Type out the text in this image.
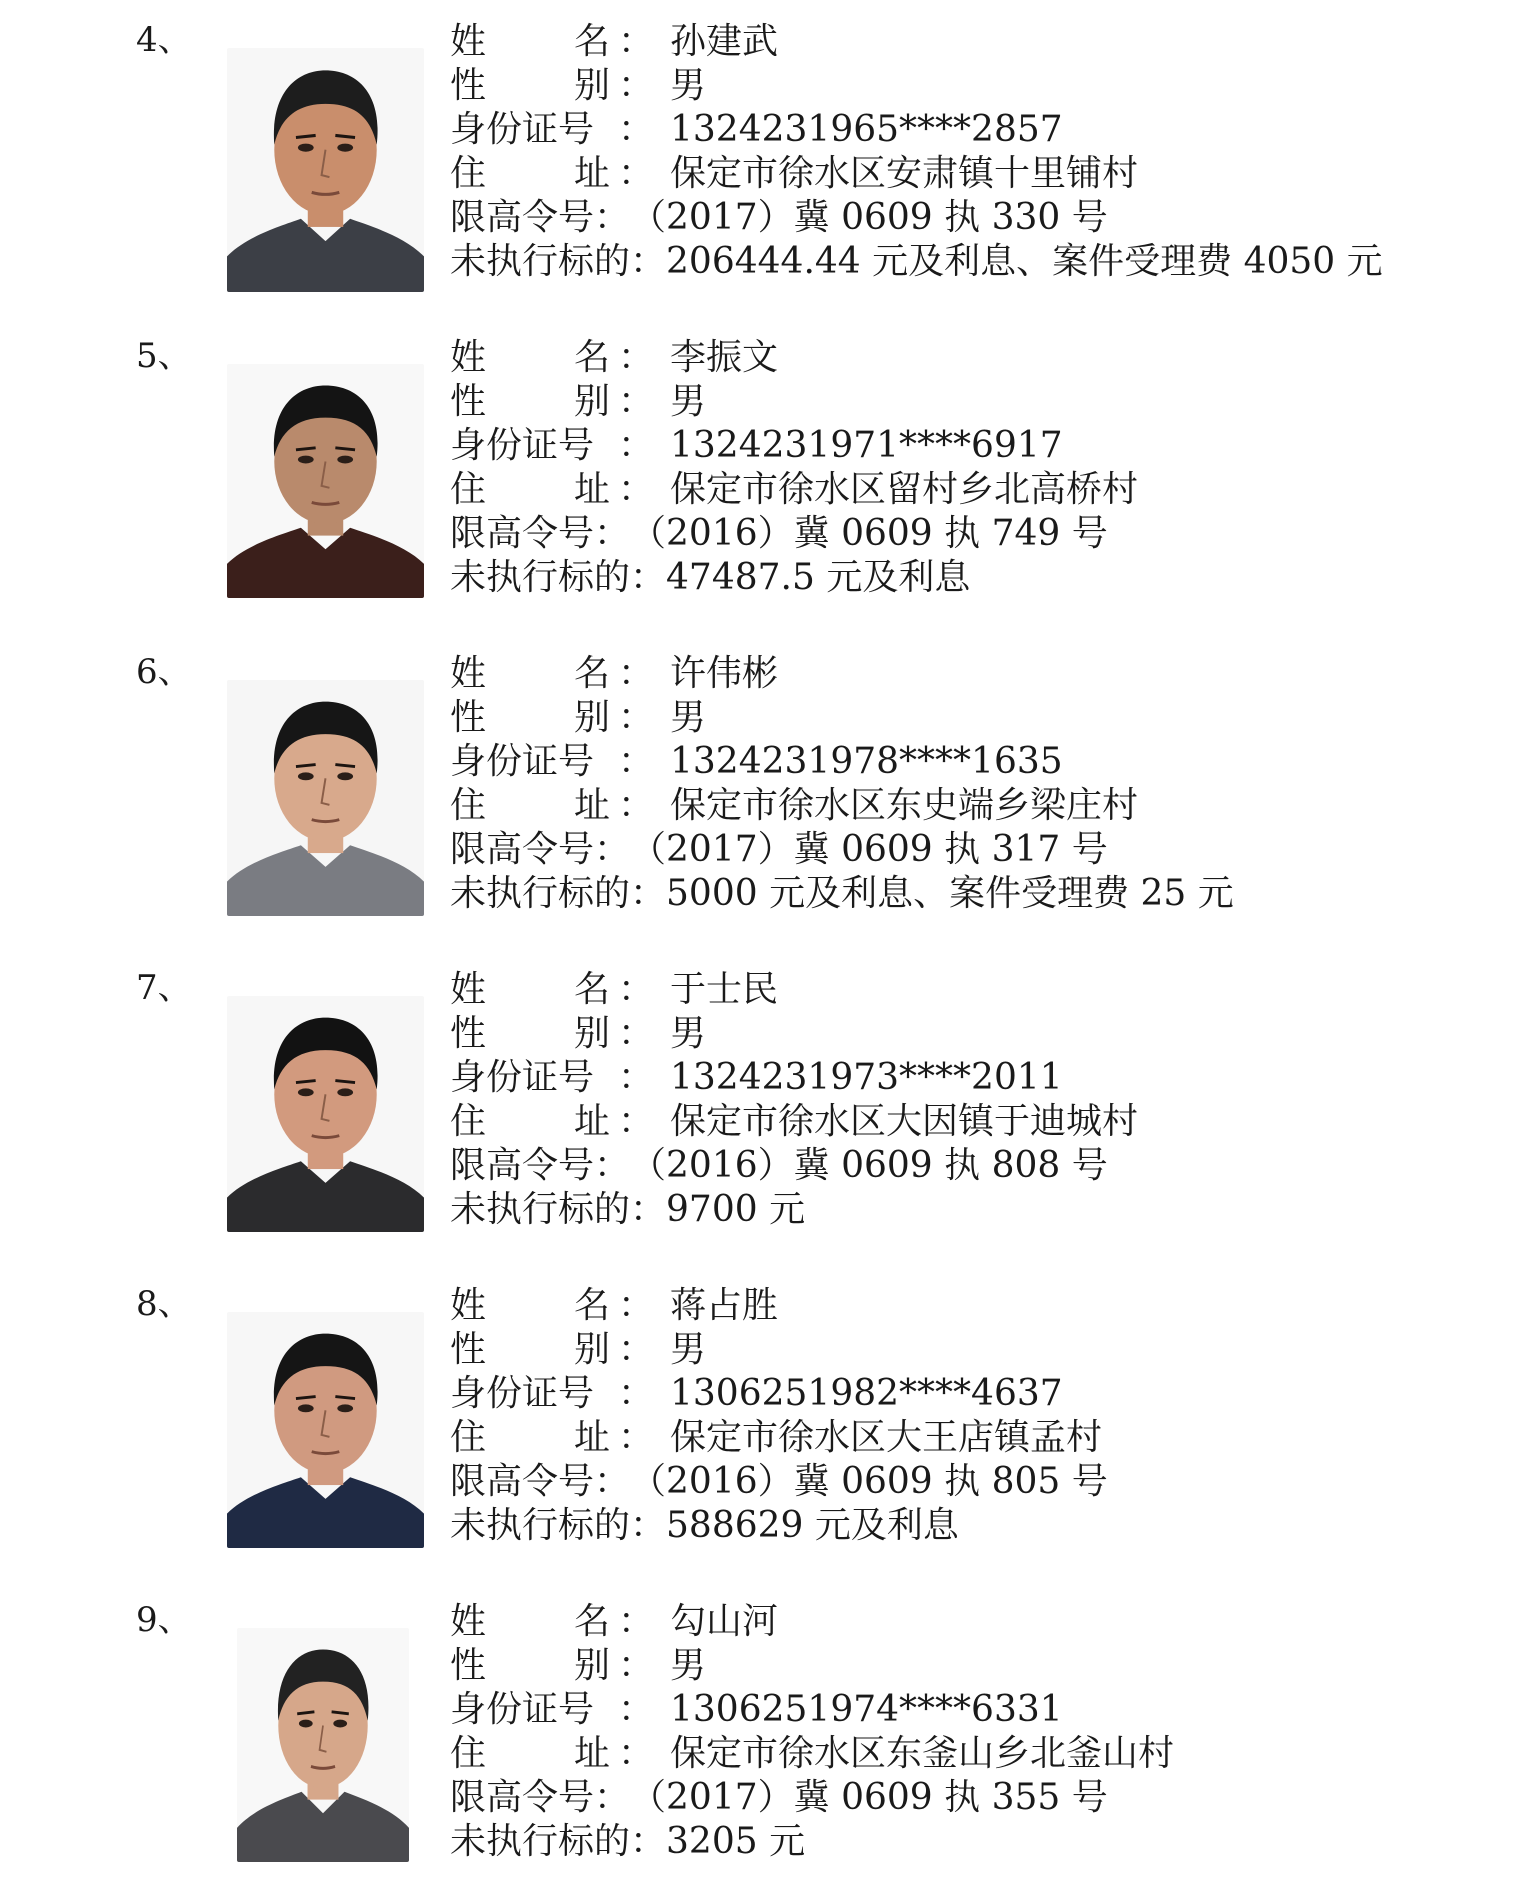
4、	姓　　名 ： 孙建武
性　　别 ： 男
身份证号 ： 1324231965****2857
住　　址 ： 保定市徐水区安肃镇十里铺村
限高令号：（2017）冀 0609 执 330 号
未执行标的：206444.44 元及利息、案件受理费 4050 元
5、	姓　　名 ： 李振文
性　　别 ： 男
身份证号 ： 1324231971****6917
住　　址 ： 保定市徐水区留村乡北高桥村
限高令号：（2016）冀 0609 执 749 号
未执行标的：47487.5 元及利息
6、	姓　　名 ： 许伟彬
性　　别 ： 男
身份证号 ： 1324231978****1635
住　　址 ： 保定市徐水区东史端乡梁庄村
限高令号：（2017）冀 0609 执 317 号
未执行标的：5000 元及利息、案件受理费 25 元
7、	姓　　名 ： 于士民
性　　别 ： 男
身份证号 ： 1324231973****2011
住　　址 ： 保定市徐水区大因镇于迪城村
限高令号：（2016）冀 0609 执 808 号
未执行标的：9700 元
8、	姓　　名 ： 蒋占胜
性　　别 ： 男
身份证号 ： 1306251982****4637
住　　址 ： 保定市徐水区大王店镇孟村
限高令号：（2016）冀 0609 执 805 号
未执行标的：588629 元及利息
9、	姓　　名 ： 勾山河
性　　别 ： 男
身份证号 ： 1306251974****6331
住　　址 ： 保定市徐水区东釜山乡北釜山村
限高令号：（2017）冀 0609 执 355 号
未执行标的：3205 元
